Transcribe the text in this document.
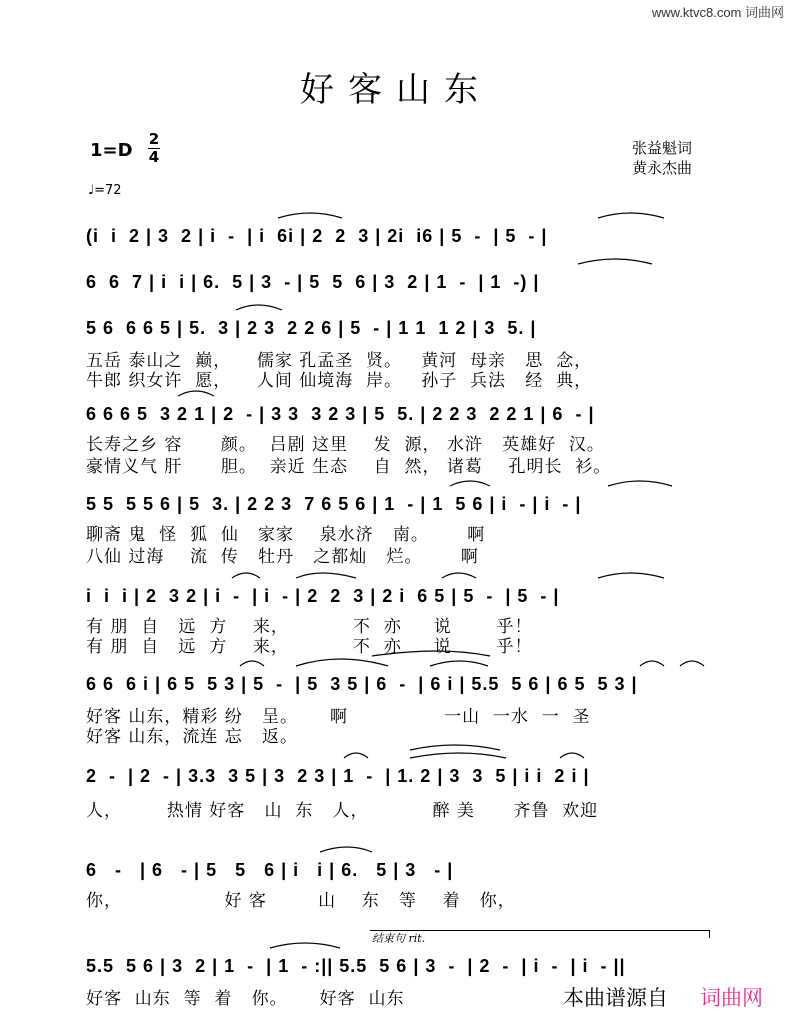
www.ktvc8.com 词曲网
好客山东
1=D
2
4	张益魁词
黄永杰曲
♩=72
(i  i  2 | 3  2 | i  -  | i  6i | 2  2  3 | 2i  i6 | 5  -  | 5  - |
6  6  7 | i  i | 6.  5 | 3  - | 5  5  6 | 3  2 | 1  -  | 1  -) |
5 6  6 6 5 | 5.  3 | 2 3  2 2 6 | 5  - | 1 1  1 2 | 3  5. |
五岳 泰山之  巅，    儒家 孔孟圣  贤。   黄河  母亲   思  念，
牛郎 织女许  愿，    人间 仙境海  岸。   孙子  兵法   经  典，
6 6 6 5  3 2 1 | 2  - | 3 3  3 2 3 | 5  5. | 2 2 3  2 2 1 | 6  - |
长寿之乡 容      颜。  吕剧 这里    发  源， 水浒   英雄好  汉。
豪情义气 肝      胆。  亲近 生态    自  然， 诸葛    孔明长  衫。
5 5  5 5 6 | 5  3. | 2 2 3  7 6 5 6 | 1  - | 1  5 6 | i  - | i  - |
聊斋 鬼  怪  狐  仙   家家    泉水济   南。      啊
八仙 过海    流  传   牡丹   之都灿   烂。      啊
i  i  i | 2  3 2 | i  -  | i  - | 2  2  3 | 2 i  6 5 | 5  -  | 5  - |
有 朋  自   远  方    来，          不  亦     说       乎！
有 朋  自   远  方    来，          不  亦     说       乎！
6 6  6 i | 6 5  5 3 | 5  -  | 5  3 5 | 6  -  | 6 i | 5.5  5 6 | 6 5  5 3 |
好客 山东，精彩 纷   呈。     啊               一山  一水  一  圣
好客 山东，流连 忘   返。
2  -  | 2  - | 3.3  3 5 | 3  2 3 | 1  -  | 1. 2 | 3  3  5 | i i  2 i |
人，       热情 好客   山  东   人，          醉 美      齐鲁  欢迎
6   -   | 6   - | 5   5   6 | i   i | 6.   5 | 3   - |
你，                好 客        山    东   等    着   你，
结束句 rit.
5.5  5 6 | 3  2 | 1  -  | 1  - :|| 5.5  5 6 | 3  -  | 2  -  | i  -  | i  - ||
好客  山东  等  着   你。     好客  山东	本曲谱源自 词曲网
